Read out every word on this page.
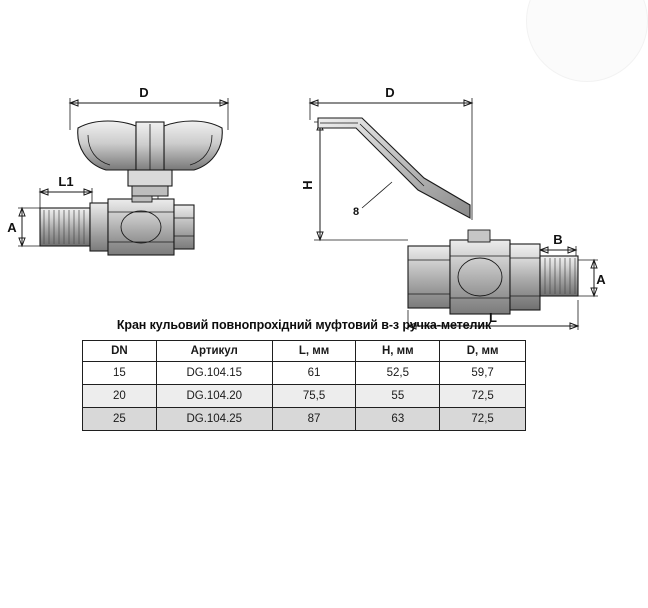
D
L1
A
D
H
8
B
A
L
Кран кульовий повнопрохідний муфтовий в-з ручка-метелик
DN	Артикул	L, мм	H, мм	D, мм
15	DG.104.15	61	52,5	59,7
20	DG.104.20	75,5	55	72,5
25	DG.104.25	87	63	72,5
